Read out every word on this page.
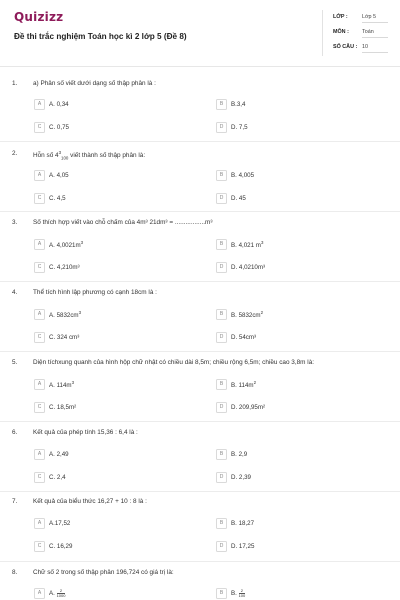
Quizizz
Đề thi trắc nghiệm Toán học kì 2 lớp 5 (Đề 8)
LỚP :	Lớp 5
MÔN : Toán
SỐ CÂU : 10
1. a) Phân số viết dưới dạng số thập phân là :
A A. 0,34	B B.3,4
C C. 0,75	D D. 7,5
2. Hỗn số $4^3_{100}$ viết thành số thập phân là:
A A. 4,05	B B. 4,005
C C. 4,5	D D. 45
3. Số thích hợp viết vào chỗ chấm của 4m³ 21dm³ = .................m³
A A. $4,0021m^3$	B B. 4,021 $m^3$
C C. 4,210m³	D D. 4,0210m³
4. Thể tích hình lập phương có cạnh 18cm là :
A A. $5832cm^3$	B B. $5832cm^2$
C C. 324 cm³	D D. 54cm³
5. Diện tíchxung quanh của hình hộp chữ nhật có chiều dài 8,5m; chiều rộng 6,5m; chiều cao 3,8m là:
A A. $114m^3$	B B. $114m^2$
C C. 18,5m²	D D. 209,95m²
6. Kết quả của phép tính 15,36 : 6,4 là :
A A. 2,49	B B. 2,9
C C. 2,4	D D. 2,39
7. Kết quả của biểu thức 16,27 + 10 : 8 là :
A A.17,52	B B. 18,27
C C. 16,29	D D. 17,25
8. Chữ số 2 trong số thập phân 196,724 có giá trị là:
A A. $\frac{2}{1000}$	B B. $\frac{2}{100}$
